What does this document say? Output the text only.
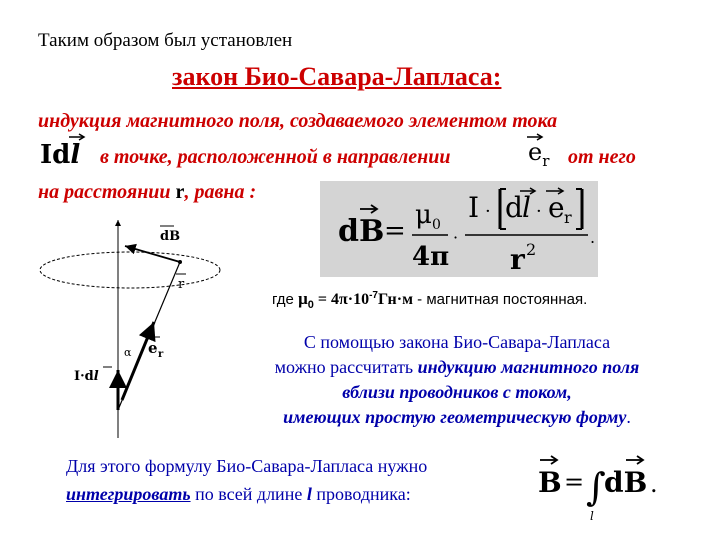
Таким образом был установлен
закон Био-Савара-Лапласа:
индукция магнитного поля, создаваемого элементом тока
Idl в точке, расположенной в направлении	e
$_r$ от него
на расстоянии r, равна :
dB =
μ 0
4π
·
I · d l · e r
r 2
.
dB
r
e r
α
I·dl
где $\mu_0 = 4\pi\cdot 10^{-7}Гн\cdot м$ - магнитная постоянная.
С помощью закона Био-Савара-Лапласа
можно рассчитать индукцию магнитного поля
вблизи проводников с током,
имеющих простую геометрическую форму.
Для этого формулу Био-Савара-Лапласа нужно
интегрировать по всей длине l проводника:	B = ∫
l
dB .
